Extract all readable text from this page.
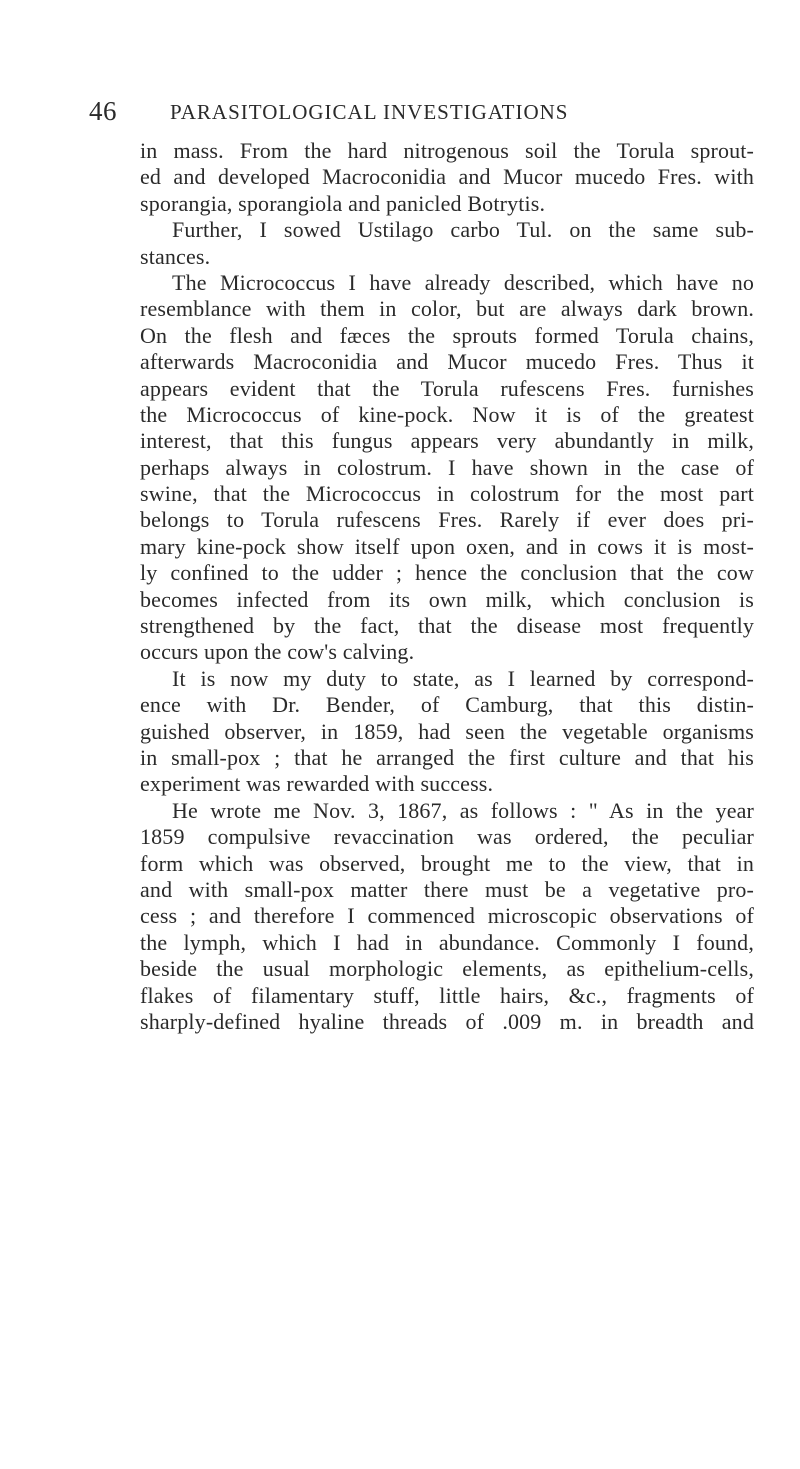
46	PARASITOLOGICAL INVESTIGATIONS
in mass. From the hard nitrogenous soil the Torula sprout-
ed and developed Macroconidia and Mucor mucedo Fres. with
sporangia, sporangiola and panicled Botrytis.
Further, I sowed Ustilago carbo Tul. on the same sub-
stances.
The Micrococcus I have already described, which have no
resemblance with them in color, but are always dark brown.
On the flesh and fæces the sprouts formed Torula chains,
afterwards Macroconidia and Mucor mucedo Fres. Thus it
appears evident that the Torula rufescens Fres. furnishes
the Micrococcus of kine-pock. Now it is of the greatest
interest, that this fungus appears very abundantly in milk,
perhaps always in colostrum. I have shown in the case of
swine, that the Micrococcus in colostrum for the most part
belongs to Torula rufescens Fres. Rarely if ever does pri-
mary kine-pock show itself upon oxen, and in cows it is most-
ly confined to the udder ; hence the conclusion that the cow
becomes infected from its own milk, which conclusion is
strengthened by the fact, that the disease most frequently
occurs upon the cow's calving.
It is now my duty to state, as I learned by correspond-
ence with Dr. Bender, of Camburg, that this distin-
guished observer, in 1859, had seen the vegetable organisms
in small-pox ; that he arranged the first culture and that his
experiment was rewarded with success.
He wrote me Nov. 3, 1867, as follows : " As in the year
1859 compulsive revaccination was ordered, the peculiar
form which was observed, brought me to the view, that in
and with small-pox matter there must be a vegetative pro-
cess ; and therefore I commenced microscopic observations of
the lymph, which I had in abundance. Commonly I found,
beside the usual morphologic elements, as epithelium-cells,
flakes of filamentary stuff, little hairs, &c., fragments of
sharply-defined hyaline threads of .009 m. in breadth and
